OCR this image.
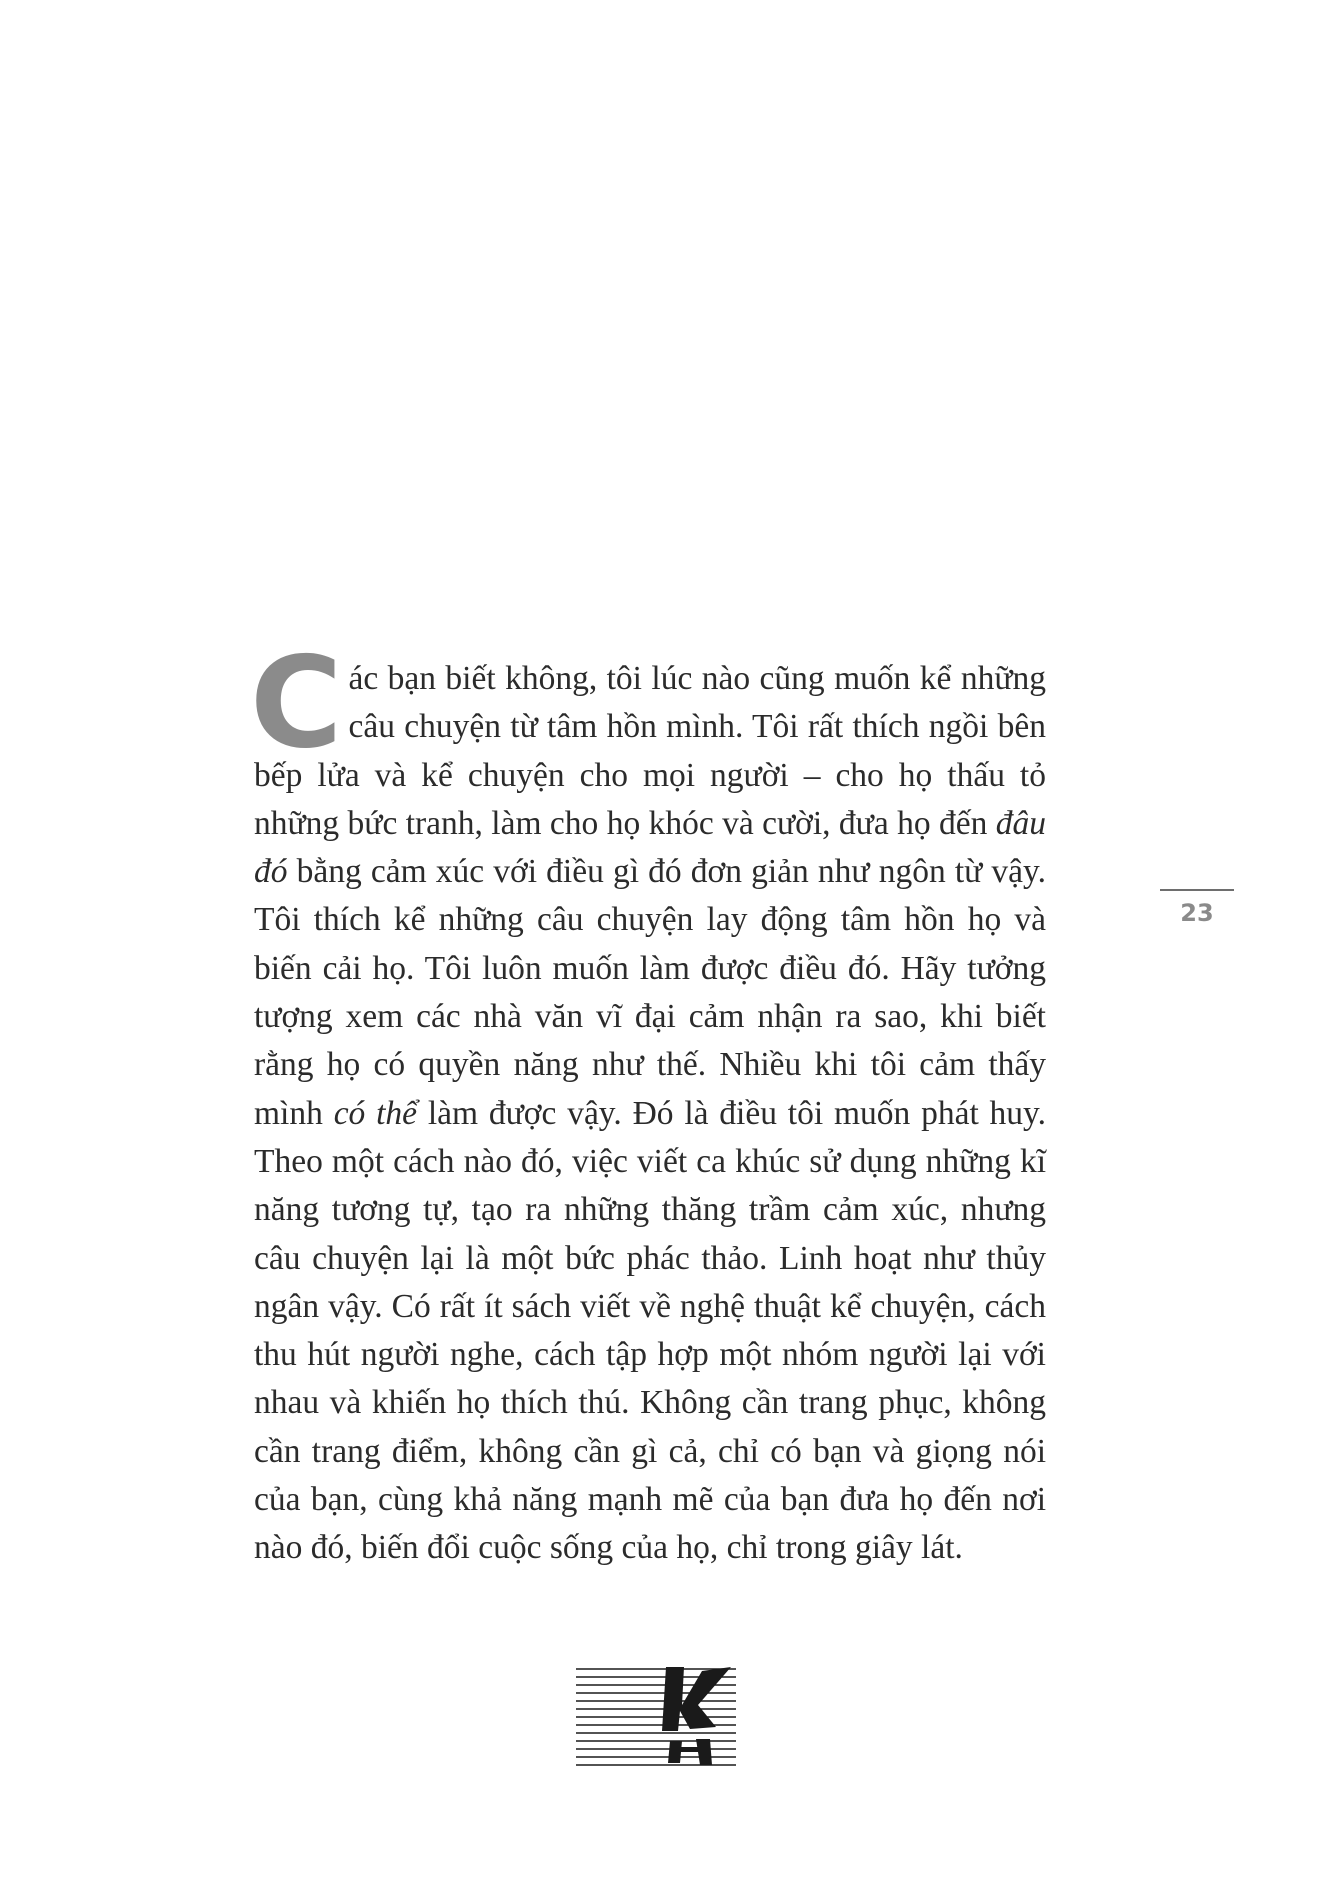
Các bạn biết không, tôi lúc nào cũng muốn kể những câu chuyện từ tâm hồn mình. Tôi rất thích ngồi bên bếp lửa và kể chuyện cho mọi người – cho họ thấu tỏ những bức tranh, làm cho họ khóc và cười, đưa họ đến đâu đó bằng cảm xúc với điều gì đó đơn giản như ngôn từ vậy. Tôi thích kể những câu chuyện lay động tâm hồn họ và biến cải họ. Tôi luôn muốn làm được điều đó. Hãy tưởng tượng xem các nhà văn vĩ đại cảm nhận ra sao, khi biết rằng họ có quyền năng như thế. Nhiều khi tôi cảm thấy mình có thể làm được vậy. Đó là điều tôi muốn phát huy. Theo một cách nào đó, việc viết ca khúc sử dụng những kĩ năng tương tự, tạo ra những thăng trầm cảm xúc, nhưng câu chuyện lại là một bức phác thảo. Linh hoạt như thủy ngân vậy. Có rất ít sách viết về nghệ thuật kể chuyện, cách thu hút người nghe, cách tập hợp một nhóm người lại với nhau và khiến họ thích thú. Không cần trang phục, không cần trang điểm, không cần gì cả, chỉ có bạn và giọng nói của bạn, cùng khả năng mạnh mẽ của bạn đưa họ đến nơi nào đó, biến đổi cuộc sống của họ, chỉ trong giây lát.
23
